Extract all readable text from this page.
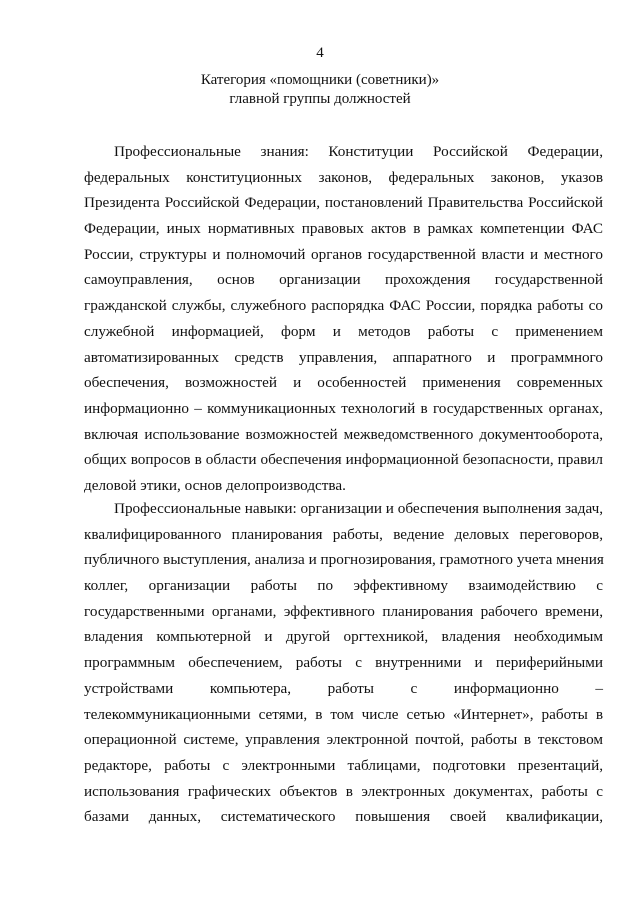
4
Категория «помощники (советники)»
главной группы должностей
Профессиональные знания: Конституции Российской Федерации,
федеральных конституционных законов, федеральных законов, указов
Президента Российской Федерации, постановлений Правительства Российской
Федерации, иных нормативных правовых актов в рамках компетенции ФАС
России, структуры и полномочий органов государственной власти и местного
самоуправления, основ организации прохождения государственной
гражданской службы, служебного распорядка ФАС России, порядка работы со
служебной информацией, форм и методов работы с применением
автоматизированных средств управления, аппаратного и программного
обеспечения, возможностей и особенностей применения современных
информационно – коммуникационных технологий в государственных органах,
включая использование возможностей межведомственного документооборота,
общих вопросов в области обеспечения информационной безопасности, правил
деловой этики, основ делопроизводства.
Профессиональные навыки: организации и обеспечения выполнения задач,
квалифицированного планирования работы, ведение деловых переговоров,
публичного выступления, анализа и прогнозирования, грамотного учета мнения
коллег, организации работы по эффективному взаимодействию с
государственными органами, эффективного планирования рабочего времени,
владения компьютерной и другой оргтехникой, владения необходимым
программным обеспечением, работы с внутренними и периферийными
устройствами компьютера, работы с информационно –
телекоммуникационными сетями, в том числе сетью «Интернет», работы в
операционной системе, управления электронной почтой, работы в текстовом
редакторе, работы с электронными таблицами, подготовки презентаций,
использования графических объектов в электронных документах, работы с
базами данных, систематического повышения своей квалификации,
